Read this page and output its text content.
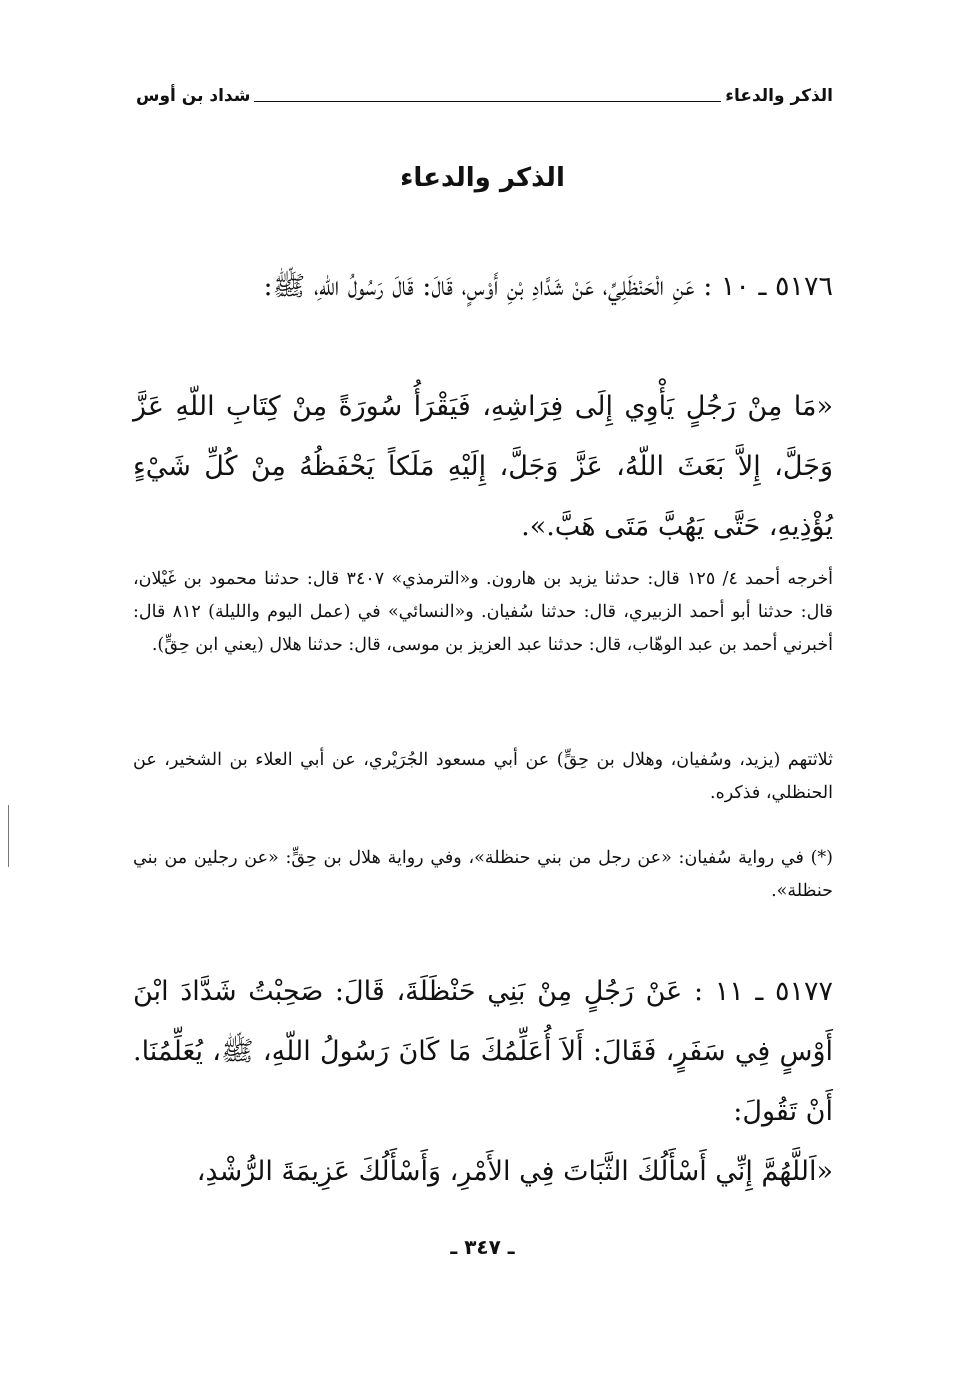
الذكر والدعاء
شداد بن أوس
الذكر والدعاء
٥١٧٦ ـ ١٠ : عَنِ الْحَنْظَلِيِّ، عَنْ شَدَّادِ بْنِ أَوْسٍ، قَالَ: قَالَ رَسُولُ اللّهِ، ﷺ:
«مَا مِنْ رَجُلٍ يَأْوِي إِلَى فِرَاشِهِ، فَيَقْرَأُ سُورَةً مِنْ كِتَابِ اللّهِ عَزَّ وَجَلَّ، إِلاَّ بَعَثَ اللّهُ، عَزَّ وَجَلَّ، إِلَيْهِ مَلَكاً يَحْفَظُهُ مِنْ كُلِّ شَيْءٍ يُؤْذِيهِ، حَتَّى يَهُبَّ مَتَى هَبَّ.».
أخرجه أحمد ٤/ ١٢٥ قال: حدثنا يزيد بن هارون. و«الترمذي» ٣٤٠٧ قال: حدثنا محمود بن غَيْلان، قال: حدثنا أبو أحمد الزبيري، قال: حدثنا سُفيان. و«النسائي» في (عمل اليوم والليلة) ٨١٢ قال: أخبرني أحمد بن عبد الوهّاب، قال: حدثنا عبد العزيز بن موسى، قال: حدثنا هلال (يعني ابن حِقٍّ).
ثلاثتهم (يزيد، وسُفيان، وهلال بن حِقٍّ) عن أبي مسعود الجُرَيْري، عن أبي العلاء بن الشخير، عن الحنظلي، فذكره.
(*) في رواية سُفيان: «عن رجل من بني حنظلة»، وفي رواية هلال بن حِقٍّ: «عن رجلين من بني حنظلة».
٥١٧٧ ـ ١١ : عَنْ رَجُلٍ مِنْ بَنِي حَنْظَلَةَ، قَالَ: صَحِبْتُ شَدَّادَ ابْنَ أَوْسٍ فِي سَفَرٍ، فَقَالَ: أَلاَ أُعَلِّمُكَ مَا كَانَ رَسُولُ اللّهِ، ﷺ، يُعَلِّمُنَا. أَنْ تَقُولَ:
«اَللَّهُمَّ إِنِّي أَسْأَلُكَ الثَّبَاتَ فِي الأَمْرِ، وَأَسْأَلُكَ عَزِيمَةَ الرُّشْدِ،
ـ ٣٤٧ ـ
